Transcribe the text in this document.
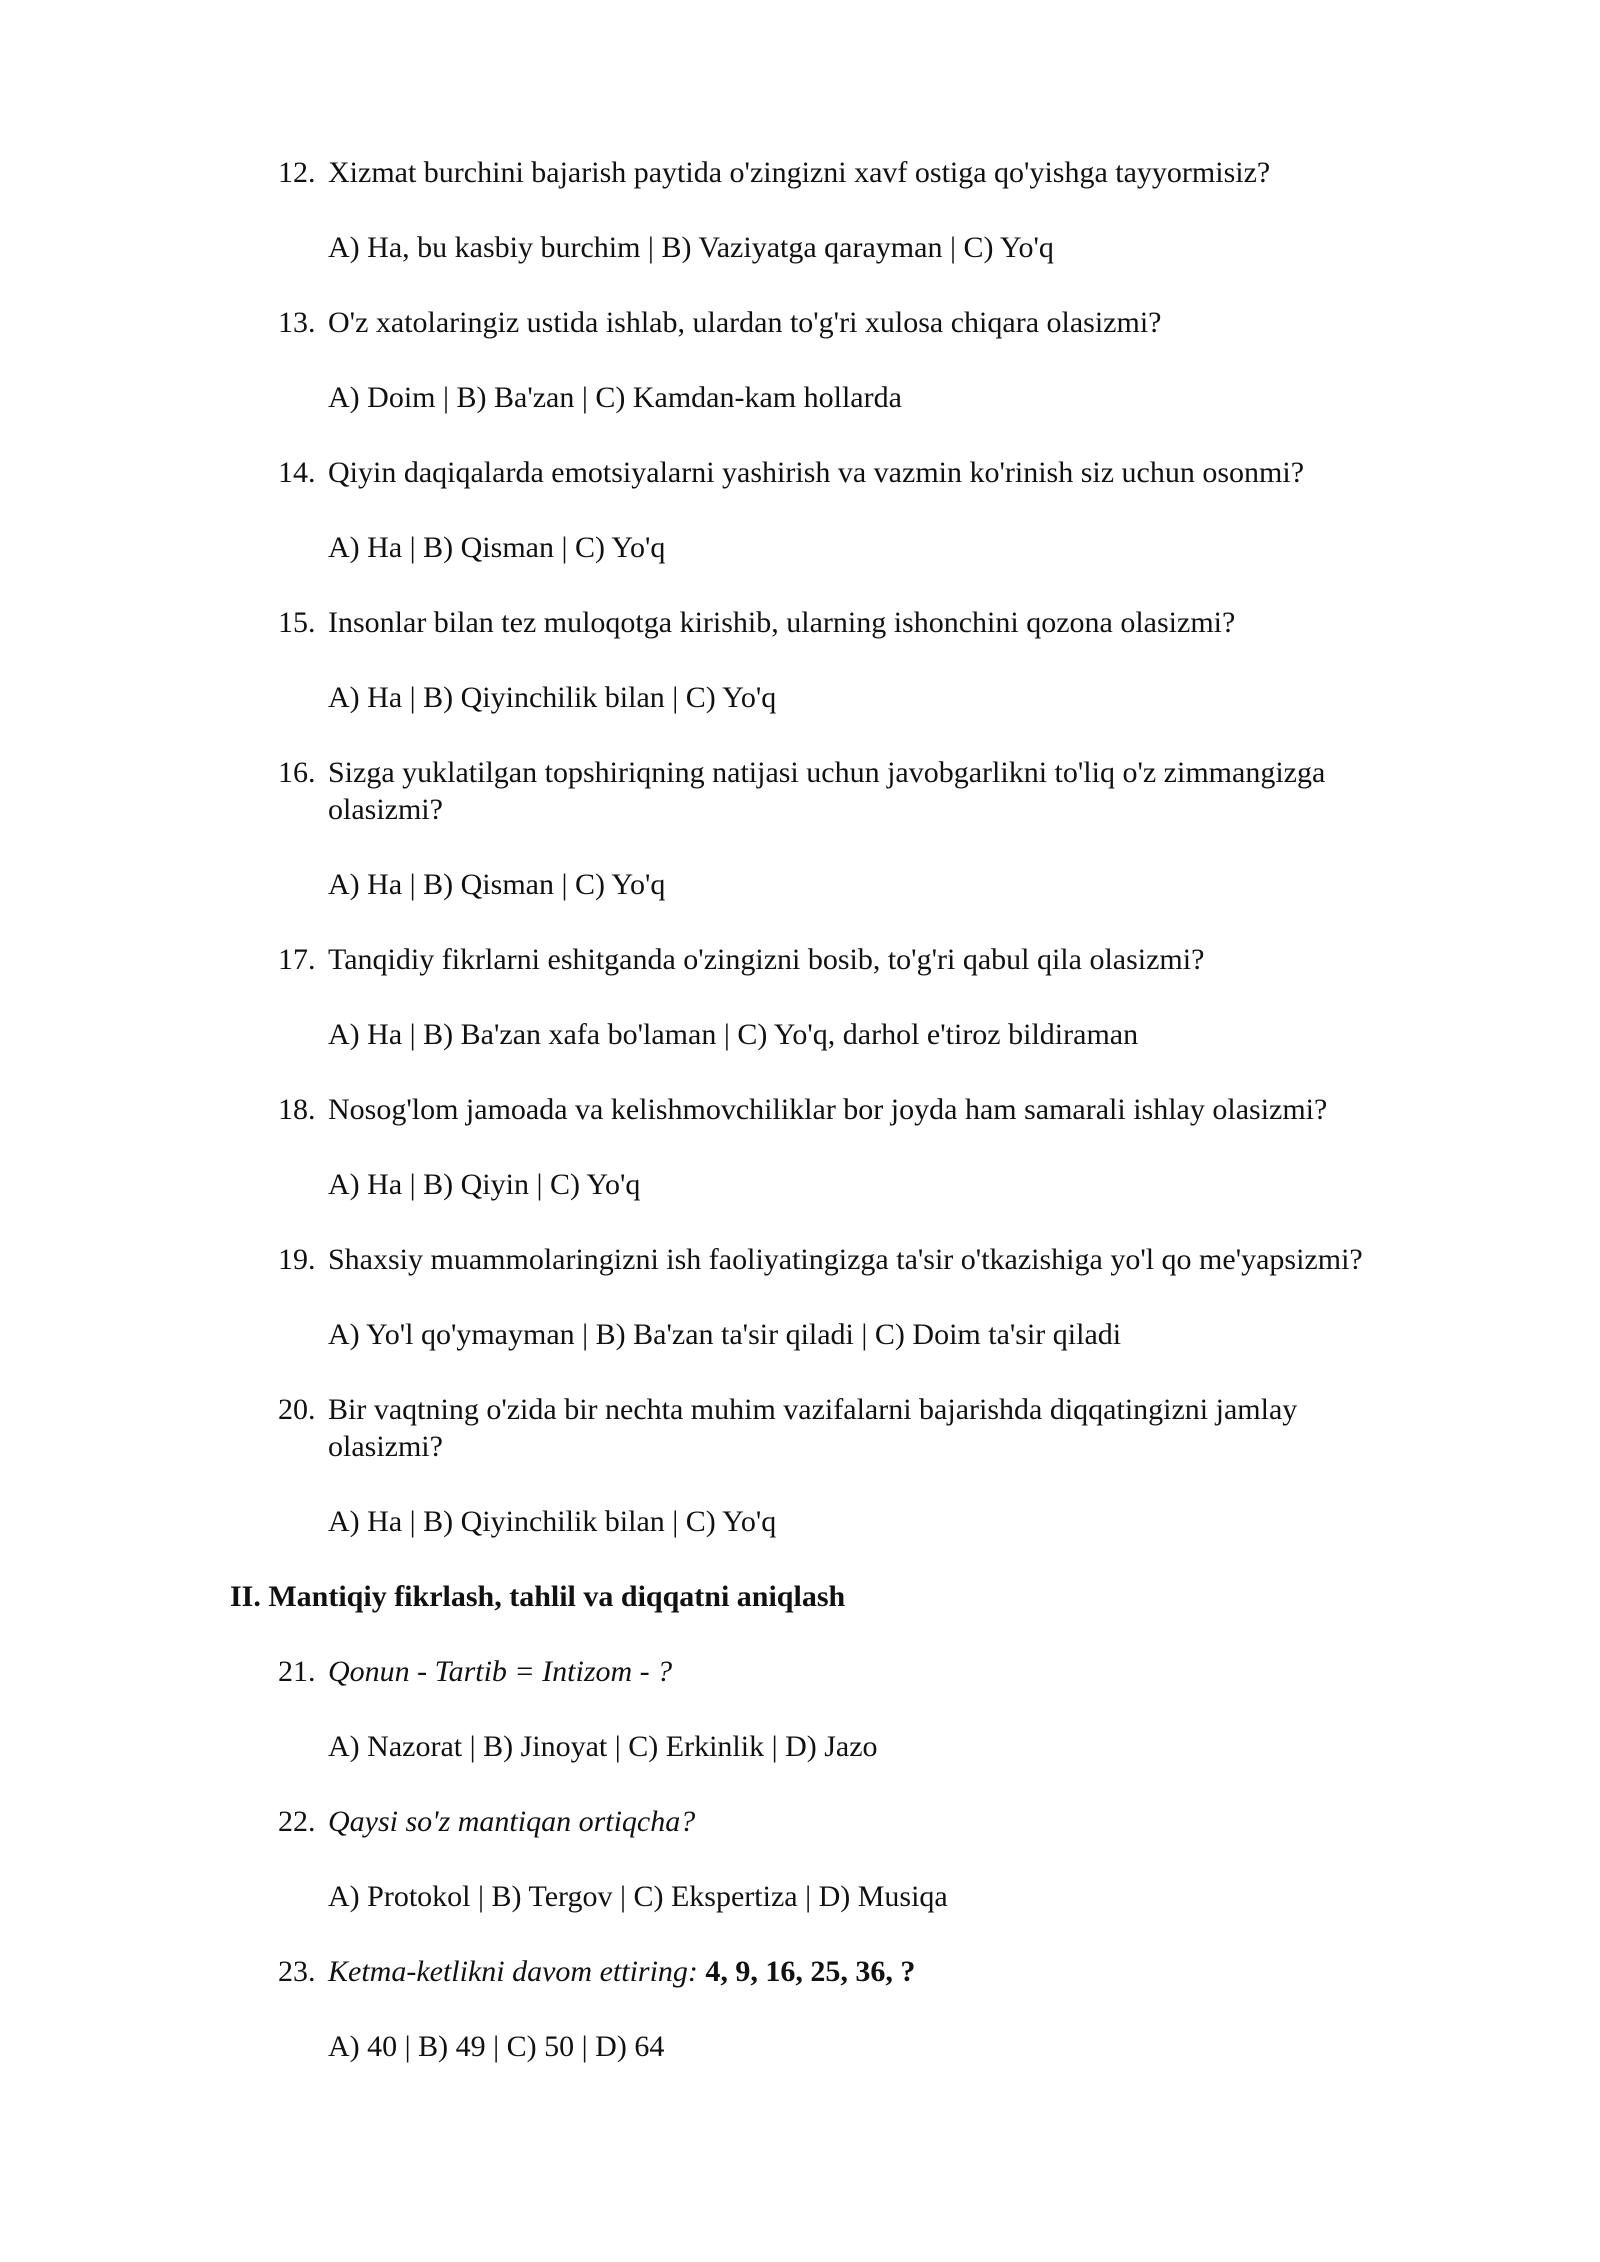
12. Xizmat burchini bajarish paytida o'zingizni xavf ostiga qo'yishga tayyormisiz?
A) Ha, bu kasbiy burchim | B) Vaziyatga qarayman | C) Yo'q
13. O'z xatolaringiz ustida ishlab, ulardan to'g'ri xulosa chiqara olasizmi?
A) Doim | B) Ba'zan | C) Kamdan-kam hollarda
14. Qiyin daqiqalarda emotsiyalarni yashirish va vazmin ko'rinish siz uchun osonmi?
A) Ha | B) Qisman | C) Yo'q
15. Insonlar bilan tez muloqotga kirishib, ularning ishonchini qozona olasizmi?
A) Ha | B) Qiyinchilik bilan | C) Yo'q
16. Sizga yuklatilgan topshiriqning natijasi uchun javobgarlikni to'liq o'z zimmangizga
olasizmi?
A) Ha | B) Qisman | C) Yo'q
17. Tanqidiy fikrlarni eshitganda o'zingizni bosib, to'g'ri qabul qila olasizmi?
A) Ha | B) Ba'zan xafa bo'laman | C) Yo'q, darhol e'tiroz bildiraman
18. Nosog'lom jamoada va kelishmovchiliklar bor joyda ham samarali ishlay olasizmi?
A) Ha | B) Qiyin | C) Yo'q
19. Shaxsiy muammolaringizni ish faoliyatingizga ta'sir o'tkazishiga yo'l qo me'yapsizmi?
A) Yo'l qo'ymayman | B) Ba'zan ta'sir qiladi | C) Doim ta'sir qiladi
20. Bir vaqtning o'zida bir nechta muhim vazifalarni bajarishda diqqatingizni jamlay
olasizmi?
A) Ha | B) Qiyinchilik bilan | C) Yo'q
II. Mantiqiy fikrlash, tahlil va diqqatni aniqlash
21. Qonun - Tartib = Intizom - ?
A) Nazorat | B) Jinoyat | C) Erkinlik | D) Jazo
22. Qaysi so'z mantiqan ortiqcha?
A) Protokol | B) Tergov | C) Ekspertiza | D) Musiqa
23. Ketma-ketlikni davom ettiring: 4, 9, 16, 25, 36, ?
A) 40 | B) 49 | C) 50 | D) 64
